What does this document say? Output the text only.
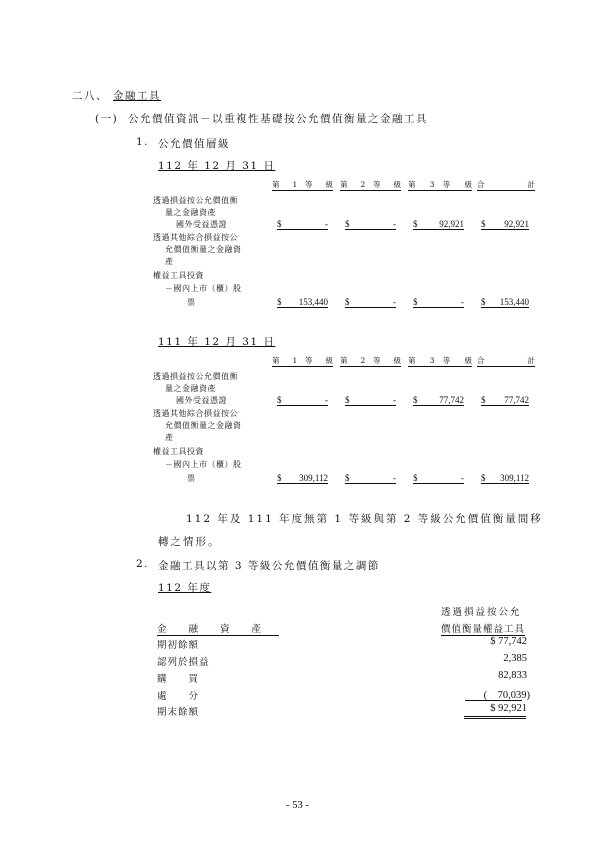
二八、 金融工具
(一) 公允價值資訊－以重複性基礎按公允價值衡量之金融工具
1. 公允價值層級
112 年 12 月 31 日
第 1 等 級 第 2 等 級 第 3 等 級 合　　計
透過損益按公允價值衡
量之金融資產
國外受益憑證	$	- $	- $ 92,921 $ 92,921
透過其他綜合損益按公
允價值衡量之金融資
產
權益工具投資
－國內上市（櫃）股
票	$ 153,440 $	- $	- $ 153,440
111 年 12 月 31 日
第 1 等 級 第 2 等 級 第 3 等 級 合　　計
透過損益按公允價值衡
量之金融資產
國外受益憑證	$	- $	- $ 77,742 $ 77,742
透過其他綜合損益按公
允價值衡量之金融資
產
權益工具投資
－國內上市（櫃）股
票	$ 309,112 $	- $	- $ 309,112
112 年及 111 年度無第 1 等級與第 2 等級公允價值衡量間移
轉之情形。
2. 金融工具以第 3 等級公允價值衡量之調節
112 年度
透過損益按公允
價值衡量權益工具
金　　融　　資　　產
期初餘額	$ 77,742
認列於損益	2,385
購　　買	82,833
處　　分	(　70,039)
期末餘額	$ 92,921
- 53 -
